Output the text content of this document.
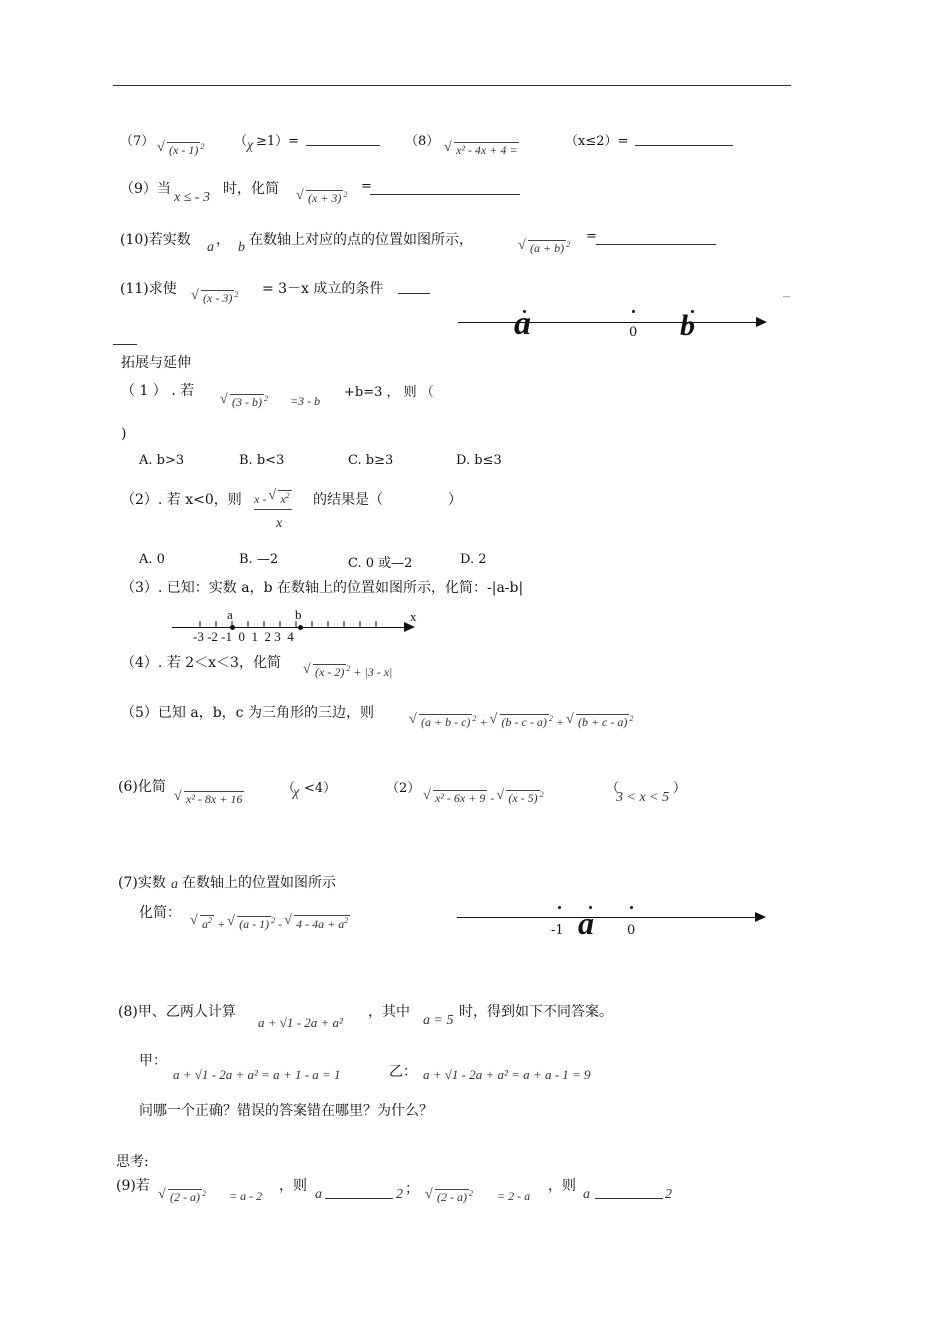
（7）
√ (x - 1) $^2$ （ χ ≥1）=	（8）
√ x² - 4x + 4 =
（x≤2）=
（9）当
x ≤ - 3
时，化简
√ (x + 3) $^2$
=
(10)若实数 a ， b 在数轴上对应的点的位置如图所示，	√ (a + b) $^2$
=
(11)求使
√ (x - 3) $^2$ = 3－x 成立的条件	_
a	0 b
拓展与延伸
（ 1 ） . 若
√ (3 - b) $^2$ =3 - b
+b=3 ， 则 （
)
A. b>3	B. b<3	C. b≥3	D. b≤3
（2）. 若 x<0，则 x - √ $x^2$
x
的结果是（	）
A. 0	B. —2	C. 0 或—2	D. 2
（3）. 已知：实数 a，b 在数轴上的位置如图所示，化简：-|a-b|
a	b	x
-3 -2 -1  0  1  2 3  4
（4）. 若 2＜x＜3，化简
√ (x - 2) $^2$ + |3 - x|
（5）已知 a，b，c 为三角形的三边，则
√ (a + b - c) $^2$ + √ (b - c - a) $^2$ + √ (b + c - a) $^2$
(6)化简
√ x² - 8x + 16
（
χ <4）	（2）
√ x² - 6x + 9 - √ (x - 5) $^2$	（
3 < x < 5
）
(7)实数 a 在数轴上的位置如图所示
化简：
√ $a^2$ + √ (a - 1) $^2$ - √ $4 - 4a + a^2$
-1 a	0
(8)甲、乙两人计算
a + √1 - 2a + a²
，其中
a = 5
时，得到如下不同答案。
甲：
a + √1 - 2a + a² = a + 1 - a = 1	乙： a + √1 - 2a + a² = a + a - 1 = 9
问哪一个正确？错误的答案错在哪里？为什么？
思考:
(9)若
√ (2 - a) $^2$ = a - 2
，则
a	2 ；	√ (2 - a) $^2$ = 2 - a
，则
a	2
